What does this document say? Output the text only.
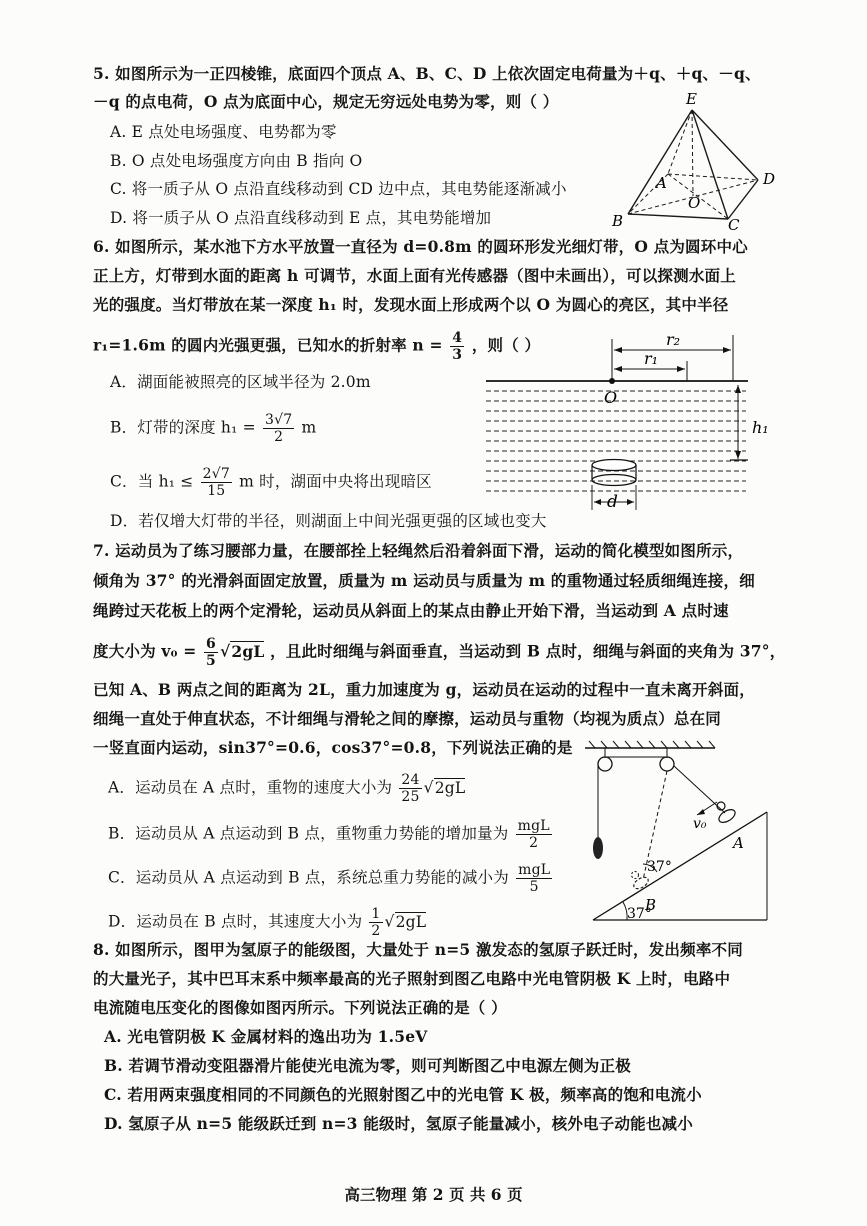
5. 如图所示为一正四棱锥，底面四个顶点 A、B、C、D 上依次固定电荷量为＋q、＋q、－q、
－q 的点电荷，O 点为底面中心，规定无穷远处电势为零，则（ ）
A. E 点处电场强度、电势都为零
B. O 点处电场强度方向由 B 指向 O
C. 将一质子从 O 点沿直线移动到 CD 边中点，其电势能逐渐减小
D. 将一质子从 O 点沿直线移动到 E 点，其电势能增加
E
A
O
B	C
D
6. 如图所示，某水池下方水平放置一直径为 d=0.8m 的圆环形发光细灯带，O 点为圆环中心
正上方，灯带到水面的距离 h 可调节，水面上面有光传感器（图中未画出），可以探测水面上
光的强度。当灯带放在某一深度 h₁ 时，发现水面上形成两个以 O 为圆心的亮区，其中半径
r₁=1.6m 的圆内光强更强，已知水的折射率 $n = \frac{4}{3}$ ，则（ ）
A．湖面能被照亮的区域半径为 2.0m
B．灯带的深度 $h_1 = \frac{3√7}{2}$ m
C．当 $h_1 \le \frac{2√7}{15}$ m 时，湖面中央将出现暗区
D．若仅增大灯带的半径，则湖面上中间光强更强的区域也变大
r₂
r₁
O
h₁
d
7. 运动员为了练习腰部力量，在腰部拴上轻绳然后沿着斜面下滑，运动的简化模型如图所示，
倾角为 37° 的光滑斜面固定放置，质量为 m 运动员与质量为 m 的重物通过轻质细绳连接，细
绳跨过天花板上的两个定滑轮，运动员从斜面上的某点由静止开始下滑，当运动到 A 点时速
度大小为 $v_0 = \frac{6}{5} √2gL$ ，且此时细绳与斜面垂直，当运动到 B 点时，细绳与斜面的夹角为 37°，
已知 A、B 两点之间的距离为 2L，重力加速度为 g，运动员在运动的过程中一直未离开斜面，
细绳一直处于伸直状态，不计细绳与滑轮之间的摩擦，运动员与重物（均视为质点）总在同
一竖直面内运动，sin37°=0.6，cos37°=0.8，下列说法正确的是
A．运动员在 A 点时，重物的速度大小为 $\frac{24}{25} √2gL$
B．运动员从 A 点运动到 B 点，重物重力势能的增加量为 $\frac{\text{mgL}}{2}$
C．运动员从 A 点运动到 B 点，系统总重力势能的减小为 $\frac{\text{mgL}}{5}$
D．运动员在 B 点时，其速度大小为 $\frac{1}{2} √2gL$
v₀
A
37°
B
37°
8. 如图所示，图甲为氢原子的能级图，大量处于 n=5 激发态的氢原子跃迁时，发出频率不同
的大量光子，其中巴耳末系中频率最高的光子照射到图乙电路中光电管阴极 K 上时，电路中
电流随电压变化的图像如图丙所示。下列说法正确的是（ ）
A. 光电管阴极 K 金属材料的逸出功为 1.5eV
B. 若调节滑动变阻器滑片能使光电流为零，则可判断图乙中电源左侧为正极
C. 若用两束强度相同的不同颜色的光照射图乙中的光电管 K 极，频率高的饱和电流小
D. 氢原子从 n=5 能级跃迁到 n=3 能级时，氢原子能量减小，核外电子动能也减小
高三物理 第 2 页 共 6 页
